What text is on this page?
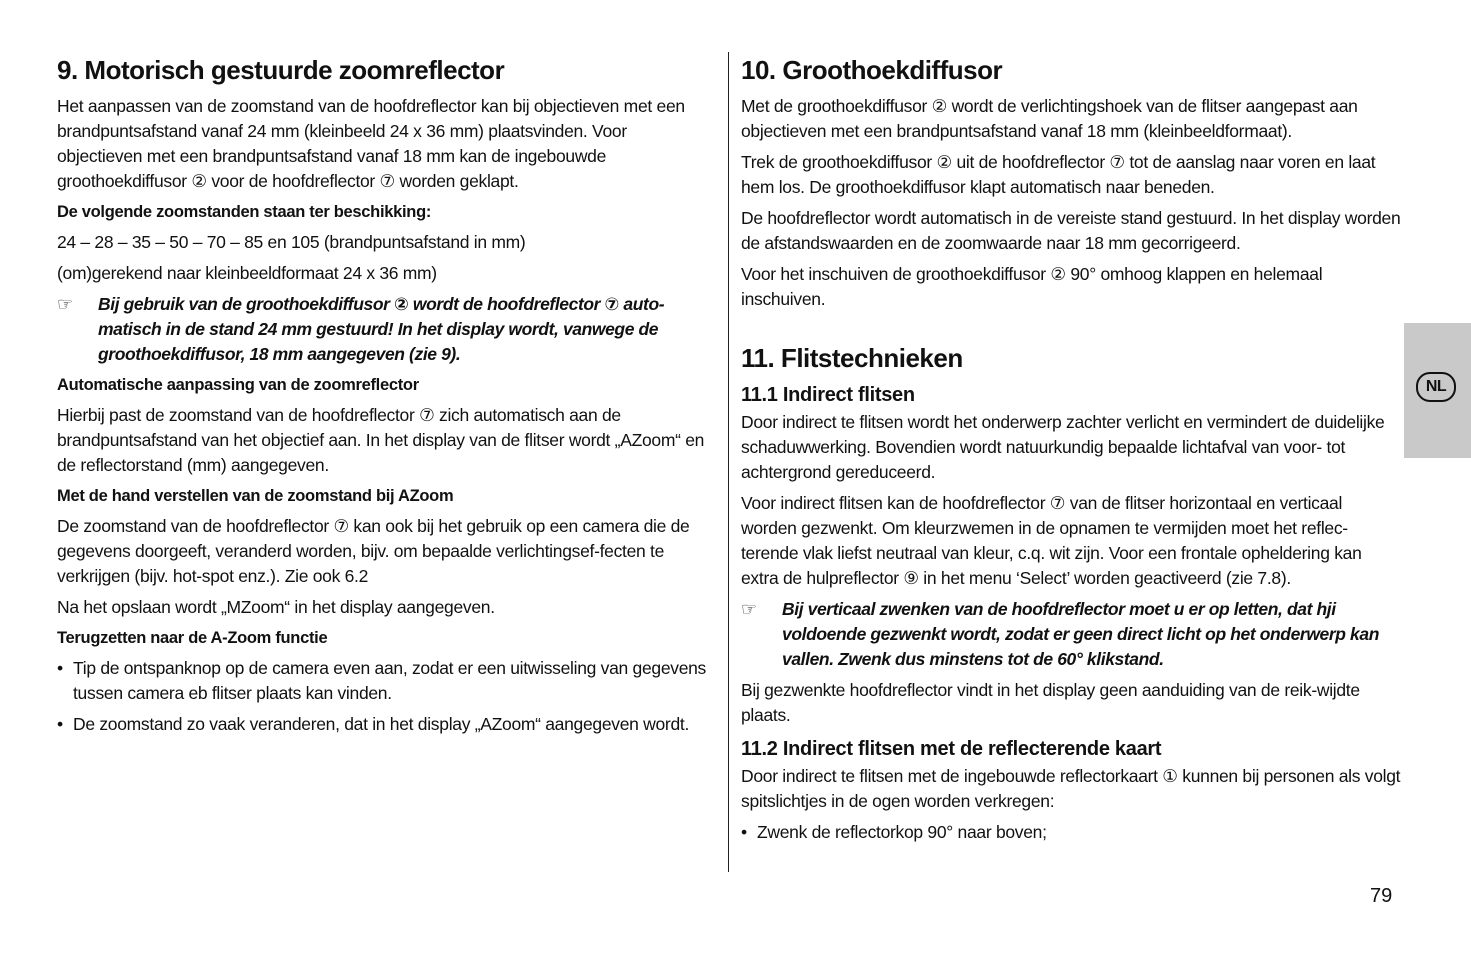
9. Motorisch gestuurde zoomreflector

Het aanpassen van de zoomstand van de hoofdreflector kan bij objectieven met een brandpuntsafstand vanaf 24 mm (kleinbeeld 24 x 36 mm) plaatsvinden. Voor objectieven met een brandpuntsafstand vanaf 18 mm kan de ingebouwde groothoekdiffusor ② voor de hoofdreflector ⑦ worden geklapt.

De volgende zoomstanden staan ter beschikking:

24 – 28 – 35 – 50 – 70 – 85 en 105 (brandpuntsafstand in mm)

(om)gerekend naar kleinbeeldformaat 24 x 36 mm)

☞ Bij gebruik van de groothoekdiffusor ② wordt de hoofdreflector ⑦ auto-matisch in de stand 24 mm gestuurd! In het display wordt, vanwege de groothoekdiffusor, 18 mm aangegeven (zie 9).
Automatische aanpassing van de zoomreflector

Hierbij past de zoomstand van de hoofdreflector ⑦ zich automatisch aan de brandpuntsafstand van het objectief aan. In het display van de flitser wordt „AZoom“ en de reflectorstand (mm) aangegeven.

Met de hand verstellen van de zoomstand bij AZoom

De zoomstand van de hoofdreflector ⑦ kan ook bij het gebruik op een camera die de gegevens doorgeeft, veranderd worden, bijv. om bepaalde verlichtingsef-fecten te verkrijgen (bijv. hot-spot enz.). Zie ook 6.2

Na het opslaan wordt „MZoom“ in het display aangegeven.

Terugzetten naar de A-Zoom functie
• Tip de ontspanknop op de camera even aan, zodat er een uitwisseling van gegevens tussen camera eb flitser plaats kan vinden.
• De zoomstand zo vaak veranderen, dat in het display „AZoom“ aangegeven wordt.
10. Groothoekdiffusor

Met de groothoekdiffusor ② wordt de verlichtingshoek van de flitser aangepast aan objectieven met een brandpuntsafstand vanaf 18 mm (kleinbeeldformaat).

Trek de groothoekdiffusor ② uit de hoofdreflector ⑦ tot de aanslag naar voren en laat hem los. De groothoekdiffusor klapt automatisch naar beneden.

De hoofdreflector wordt automatisch in de vereiste stand gestuurd. In het display worden de afstandswaarden en de zoomwaarde naar 18 mm gecorrigeerd.

Voor het inschuiven de groothoekdiffusor ② 90° omhoog klappen en helemaal inschuiven.

11. Flitstechnieken
11.1 Indirect flitsen

Door indirect te flitsen wordt het onderwerp zachter verlicht en vermindert de duidelijke schaduwwerking. Bovendien wordt natuurkundig bepaalde lichtafval van voor- tot achtergrond gereduceerd.

Voor indirect flitsen kan de hoofdreflector ⑦ van de flitser horizontaal en verticaal worden gezwenkt. Om kleurzwemen in de opnamen te vermijden moet het reflec-terende vlak liefst neutraal van kleur, c.q. wit zijn. Voor een frontale opheldering kan extra de hulpreflector ⑨ in het menu ‘Select’ worden geactiveerd (zie 7.8).

☞ Bij verticaal zwenken van de hoofdreflector moet u er op letten, dat hji voldoende gezwenkt wordt, zodat er geen direct licht op het onderwerp kan vallen. Zwenk dus minstens tot de 60° klikstand.

Bij gezwenkte hoofdreflector vindt in het display geen aanduiding van de reik-wijdte plaats.

11.2 Indirect flitsen met de reflecterende kaart

Door indirect te flitsen met de ingebouwde reflectorkaart ① kunnen bij personen als volgt spitslichtjes in de ogen worden verkregen:

• Zwenk de reflectorkop 90° naar boven;
NL
79
